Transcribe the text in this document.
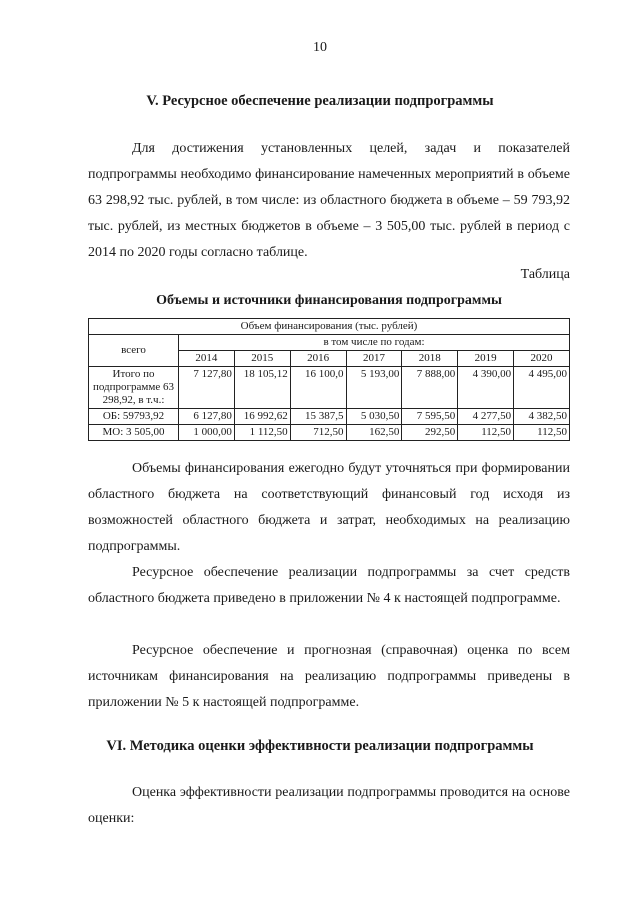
10
V. Ресурсное обеспечение реализации подпрограммы

Для достижения установленных целей, задач и показателей подпрограммы необходимо финансирование намеченных мероприятий в объеме 63 298,92 тыс. рублей, в том числе: из областного бюджета в объеме – 59 793,92 тыс. рублей, из местных бюджетов в объеме – 3 505,00 тыс. рублей в период с 2014 по 2020 годы согласно таблице.

Таблица
Объемы и источники финансирования подпрограммы
Объем финансирования (тыс. рублей)							
всего	в том числе по годам:						
	2014	2015	2016	2017	2018	2019	2020
Итого по подпрограмме 63 298,92, в т.ч.:	7 127,80	18 105,12	16 100,0	5 193,00	7 888,00	4 390,00	4 495,00
ОБ: 59793,92	6 127,80	16 992,62	15 387,5	5 030,50	7 595,50	4 277,50	4 382,50
МО: 3 505,00	1 000,00	1 112,50	712,50	162,50	292,50	112,50	112,50

Объемы финансирования ежегодно будут уточняться при формировании областного бюджета на соответствующий финансовый год исходя из возможностей областного бюджета и затрат, необходимых на реализацию подпрограммы.

Ресурсное обеспечение реализации подпрограммы за счет средств областного бюджета приведено в приложении № 4 к настоящей подпрограмме.

Ресурсное обеспечение и прогнозная (справочная) оценка по всем источникам финансирования на реализацию подпрограммы приведены в приложении № 5 к настоящей подпрограмме.

VI. Методика оценки эффективности реализации подпрограммы

Оценка эффективности реализации подпрограммы проводится на основе оценки:
